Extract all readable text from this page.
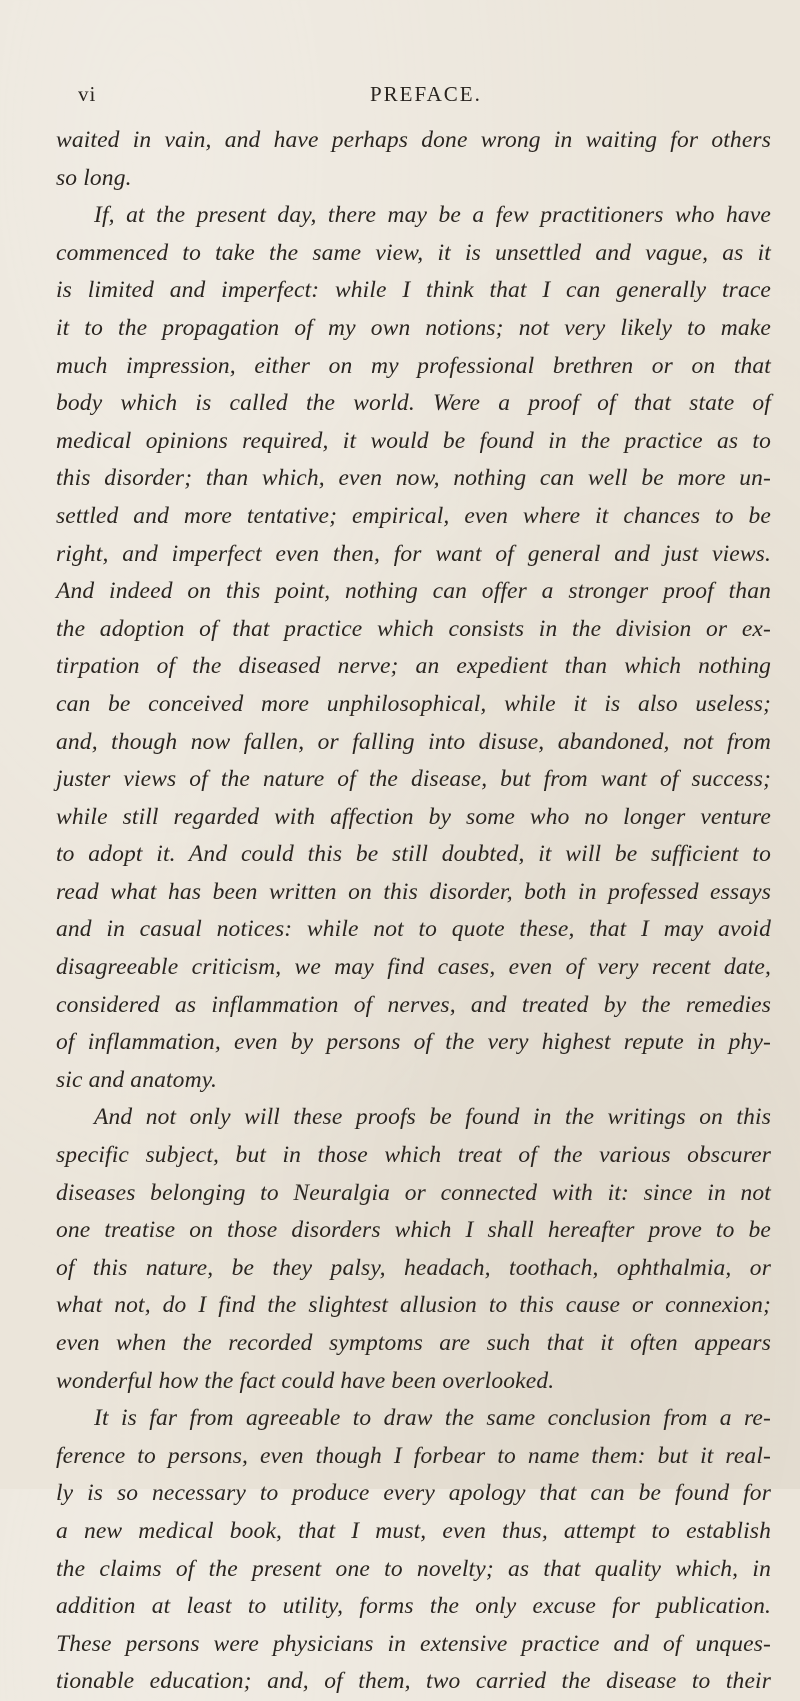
vi	PREFACE.
waited in vain, and have perhaps done wrong in waiting for others
so long.
If, at the present day, there may be a few practitioners who have
commenced to take the same view, it is unsettled and vague, as it
is limited and imperfect: while I think that I can generally trace
it to the propagation of my own notions; not very likely to make
much impression, either on my professional brethren or on that
body which is called the world. Were a proof of that state of
medical opinions required, it would be found in the practice as to
this disorder; than which, even now, nothing can well be more un-
settled and more tentative; empirical, even where it chances to be
right, and imperfect even then, for want of general and just views.
And indeed on this point, nothing can offer a stronger proof than
the adoption of that practice which consists in the division or ex-
tirpation of the diseased nerve; an expedient than which nothing
can be conceived more unphilosophical, while it is also useless;
and, though now fallen, or falling into disuse, abandoned, not from
juster views of the nature of the disease, but from want of success;
while still regarded with affection by some who no longer venture
to adopt it. And could this be still doubted, it will be sufficient to
read what has been written on this disorder, both in professed essays
and in casual notices: while not to quote these, that I may avoid
disagreeable criticism, we may find cases, even of very recent date,
considered as inflammation of nerves, and treated by the remedies
of inflammation, even by persons of the very highest repute in phy-
sic and anatomy.
And not only will these proofs be found in the writings on this
specific subject, but in those which treat of the various obscurer
diseases belonging to Neuralgia or connected with it: since in not
one treatise on those disorders which I shall hereafter prove to be
of this nature, be they palsy, headach, toothach, ophthalmia, or
what not, do I find the slightest allusion to this cause or connexion;
even when the recorded symptoms are such that it often appears
wonderful how the fact could have been overlooked.
It is far from agreeable to draw the same conclusion from a re-
ference to persons, even though I forbear to name them: but it real-
ly is so necessary to produce every apology that can be found for
a new medical book, that I must, even thus, attempt to establish
the claims of the present one to novelty; as that quality which, in
addition at least to utility, forms the only excuse for publication.
These persons were physicians in extensive practice and of unques-
tionable education; and, of them, two carried the disease to their
